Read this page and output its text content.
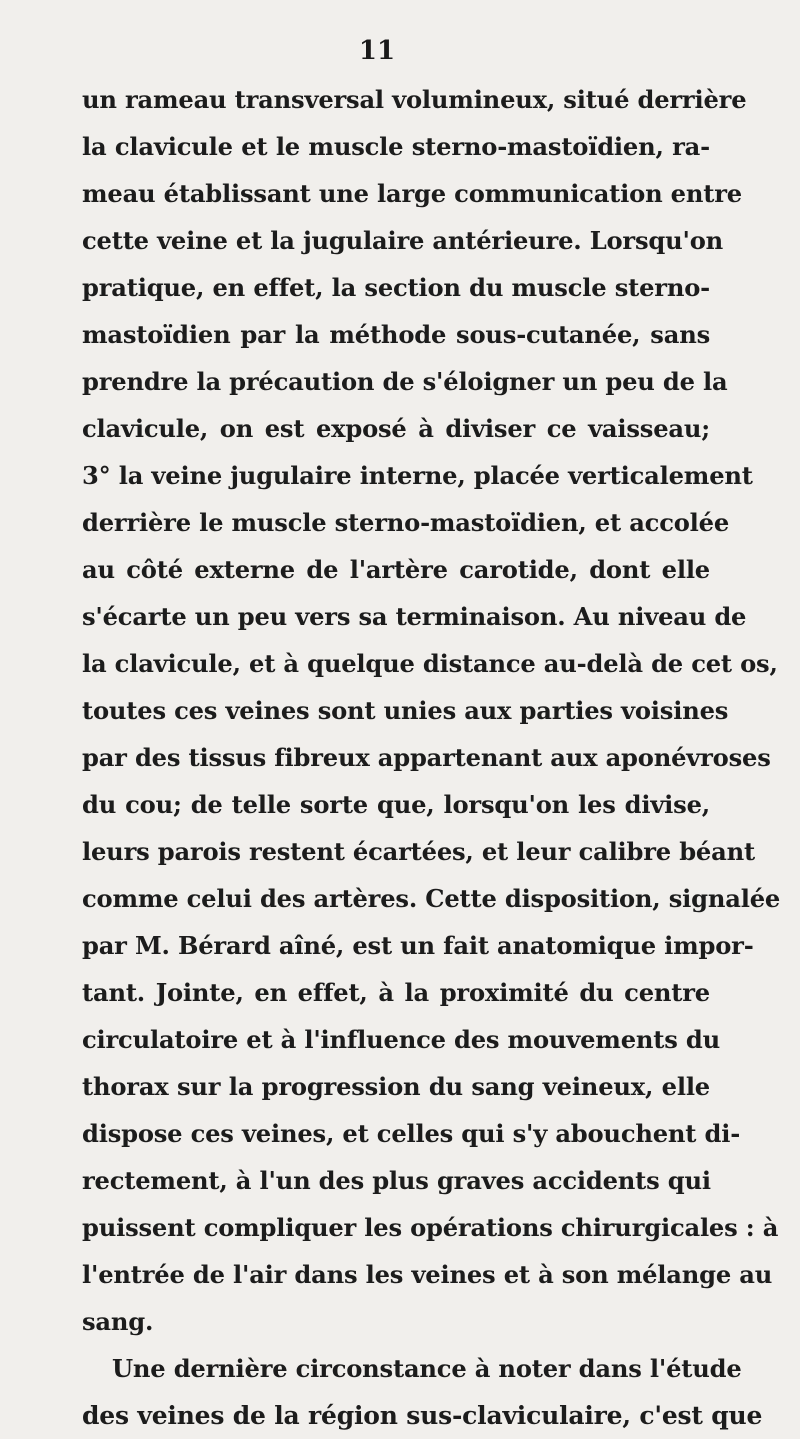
11
un rameau transversal volumineux, situé derrière
la clavicule et le muscle sterno-mastoïdien, ra-
meau établissant une large communication entre
cette veine et la jugulaire antérieure. Lorsqu'on
pratique, en effet, la section du muscle sterno-
mastoïdien par la méthode sous-cutanée, sans
prendre la précaution de s'éloigner un peu de la
clavicule, on est exposé à diviser ce vaisseau;
3° la veine jugulaire interne, placée verticalement
derrière le muscle sterno-mastoïdien, et accolée
au côté externe de l'artère carotide, dont elle
s'écarte un peu vers sa terminaison. Au niveau de
la clavicule, et à quelque distance au-delà de cet os,
toutes ces veines sont unies aux parties voisines
par des tissus fibreux appartenant aux aponévroses
du cou; de telle sorte que, lorsqu'on les divise,
leurs parois restent écartées, et leur calibre béant
comme celui des artères. Cette disposition, signalée
par M. Bérard aîné, est un fait anatomique impor-
tant. Jointe, en effet, à la proximité du centre
circulatoire et à l'influence des mouvements du
thorax sur la progression du sang veineux, elle
dispose ces veines, et celles qui s'y abouchent di-
rectement, à l'un des plus graves accidents qui
puissent compliquer les opérations chirurgicales : à
l'entrée de l'air dans les veines et à son mélange au
sang.
Une dernière circonstance à noter dans l'étude
des veines de la région sus-claviculaire, c'est que
